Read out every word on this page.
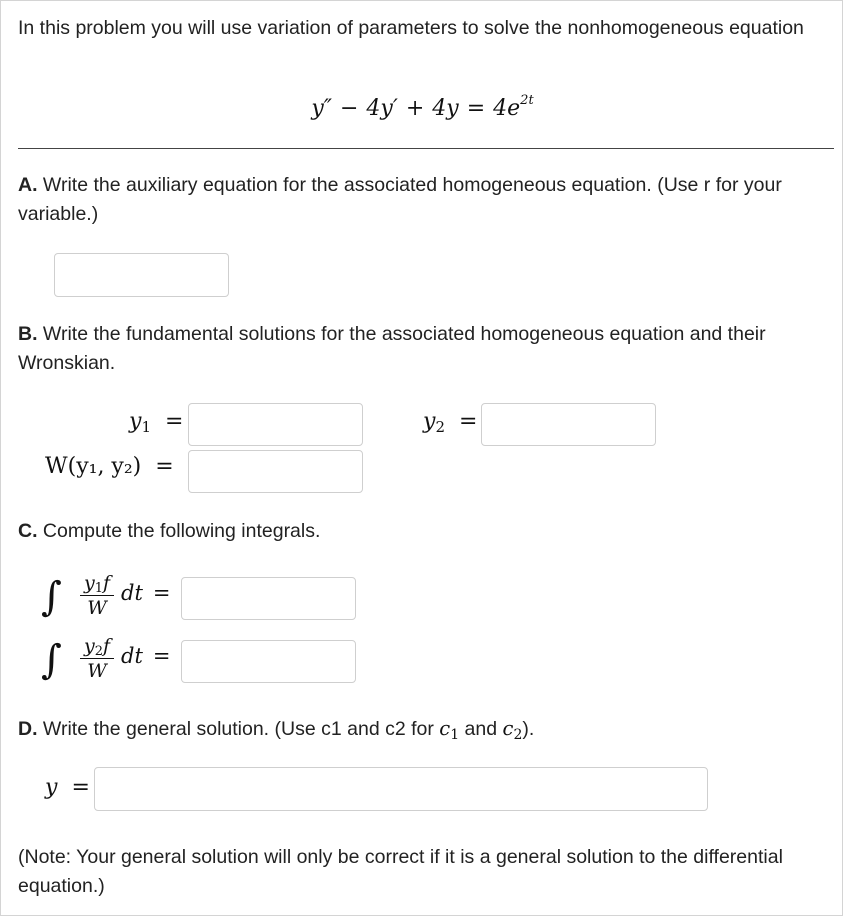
In this problem you will use variation of parameters to solve the nonhomogeneous equation
$y'' - 4y' + 4y = 4e^{2t}$
A. Write the auxiliary equation for the associated homogeneous equation. (Use r for your variable.)
B. Write the fundamental solutions for the associated homogeneous equation and their Wronskian.
$y_1$ =	$y_2$ =
W(y₁, y₂) =
C. Compute the following integrals.
∫ y1f
W
dt =
∫ y2f
W
dt =
D. Write the general solution. (Use c1 and c2 for $c_1$ and $c_2$).
y =
(Note: Your general solution will only be correct if it is a general solution to the differential equation.)
